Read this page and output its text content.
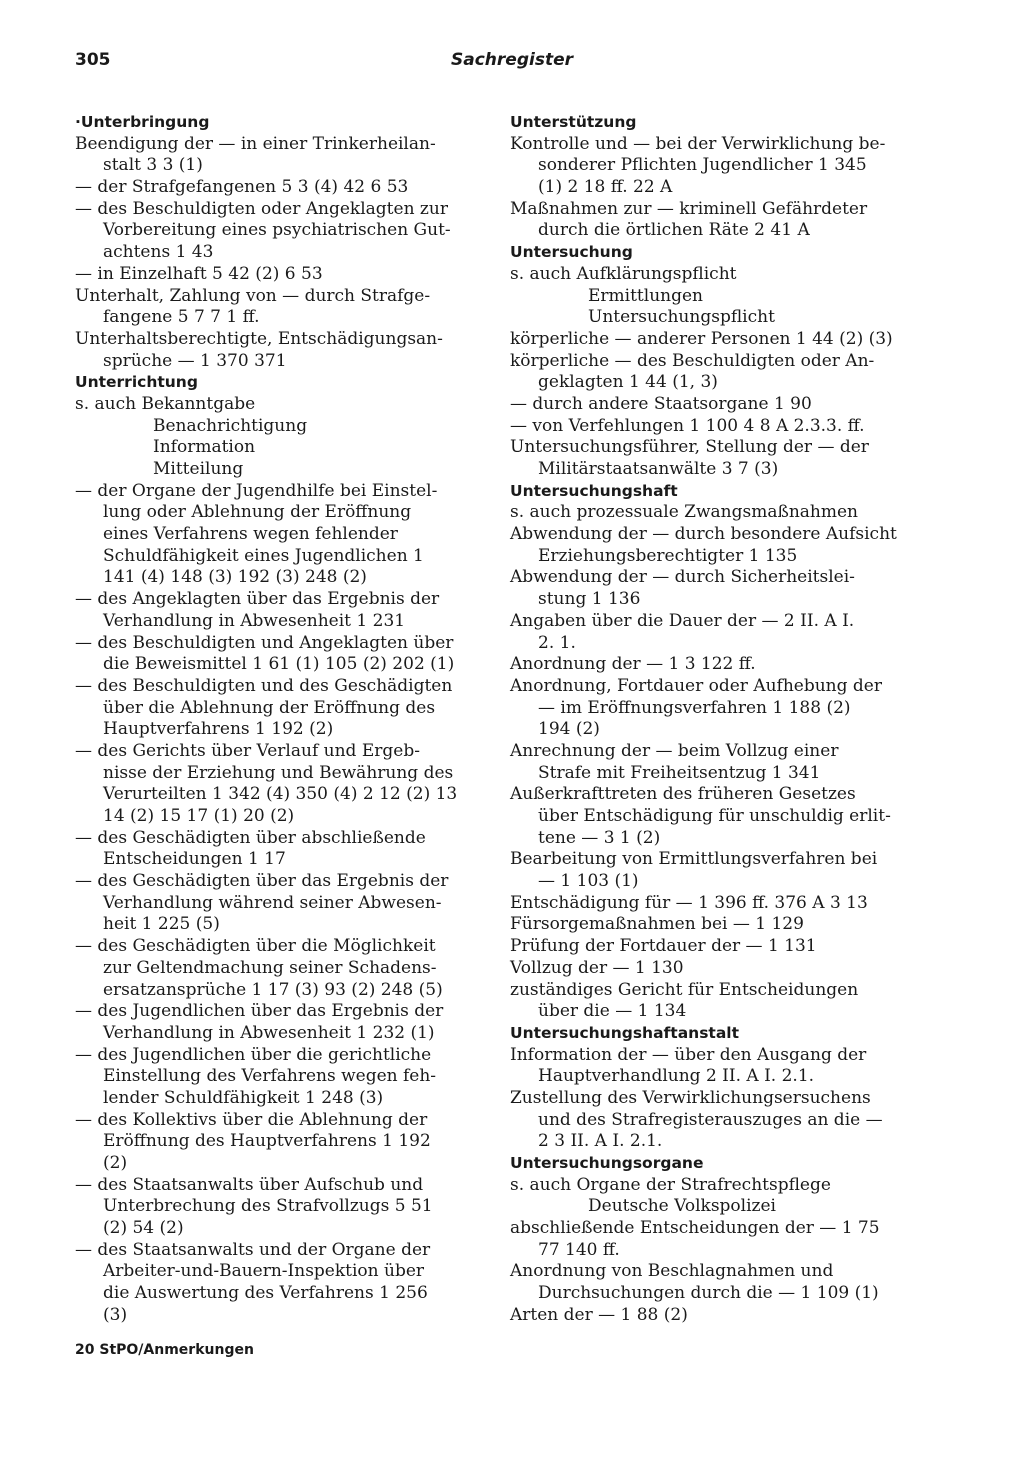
305	Sachregister
·Unterbringung
Beendigung der — in einer Trinkerheilan-
stalt 3 3 (1)
— der Strafgefangenen 5 3 (4) 42 6 53
— des Beschuldigten oder Angeklagten zur
Vorbereitung eines psychiatrischen Gut-
achtens 1 43
— in Einzelhaft 5 42 (2) 6 53
Unterhalt, Zahlung von — durch Strafge-
fangene 5 7 7 1 ff.
Unterhaltsberechtigte, Entschädigungsan-
sprüche — 1 370 371
Unterrichtung
s. auch Bekanntgabe
Benachrichtigung
Information
Mitteilung
— der Organe der Jugendhilfe bei Einstel-
lung oder Ablehnung der Eröffnung
eines Verfahrens wegen fehlender
Schuldfähigkeit eines Jugendlichen 1
141 (4) 148 (3) 192 (3) 248 (2)
— des Angeklagten über das Ergebnis der
Verhandlung in Abwesenheit 1 231
— des Beschuldigten und Angeklagten über
die Beweismittel 1 61 (1) 105 (2) 202 (1)
— des Beschuldigten und des Geschädigten
über die Ablehnung der Eröffnung des
Hauptverfahrens 1 192 (2)
— des Gerichts über Verlauf und Ergeb-
nisse der Erziehung und Bewährung des
Verurteilten 1 342 (4) 350 (4) 2 12 (2) 13
14 (2) 15 17 (1) 20 (2)
— des Geschädigten über abschließende
Entscheidungen 1 17
— des Geschädigten über das Ergebnis der
Verhandlung während seiner Abwesen-
heit 1 225 (5)
— des Geschädigten über die Möglichkeit
zur Geltendmachung seiner Schadens-
ersatzansprüche 1 17 (3) 93 (2) 248 (5)
— des Jugendlichen über das Ergebnis der
Verhandlung in Abwesenheit 1 232 (1)
— des Jugendlichen über die gerichtliche
Einstellung des Verfahrens wegen feh-
lender Schuldfähigkeit 1 248 (3)
— des Kollektivs über die Ablehnung der
Eröffnung des Hauptverfahrens 1 192
(2)
— des Staatsanwalts über Aufschub und
Unterbrechung des Strafvollzugs 5 51
(2) 54 (2)
— des Staatsanwalts und der Organe der
Arbeiter-und-Bauern-Inspektion über
die Auswertung des Verfahrens 1 256
(3)
Unterstützung
Kontrolle und — bei der Verwirklichung be-
sonderer Pflichten Jugendlicher 1 345
(1) 2 18 ff. 22 A
Maßnahmen zur — kriminell Gefährdeter
durch die örtlichen Räte 2 41 A
Untersuchung
s. auch Aufklärungspflicht
Ermittlungen
Untersuchungspflicht
körperliche — anderer Personen 1 44 (2) (3)
körperliche — des Beschuldigten oder An-
geklagten 1 44 (1, 3)
— durch andere Staatsorgane 1 90
— von Verfehlungen 1 100 4 8 A 2.3.3. ff.
Untersuchungsführer, Stellung der — der
Militärstaatsanwälte 3 7 (3)
Untersuchungshaft
s. auch prozessuale Zwangsmaßnahmen
Abwendung der — durch besondere Aufsicht
Erziehungsberechtigter 1 135
Abwendung der — durch Sicherheitslei-
stung 1 136
Angaben über die Dauer der — 2 II. A I.
2. 1.
Anordnung der — 1 3 122 ff.
Anordnung, Fortdauer oder Aufhebung der
— im Eröffnungsverfahren 1 188 (2)
194 (2)
Anrechnung der — beim Vollzug einer
Strafe mit Freiheitsentzug 1 341
Außerkrafttreten des früheren Gesetzes
über Entschädigung für unschuldig erlit-
tene — 3 1 (2)
Bearbeitung von Ermittlungsverfahren bei
— 1 103 (1)
Entschädigung für — 1 396 ff. 376 A 3 13
Fürsorgemaßnahmen bei — 1 129
Prüfung der Fortdauer der — 1 131
Vollzug der — 1 130
zuständiges Gericht für Entscheidungen
über die — 1 134
Untersuchungshaftanstalt
Information der — über den Ausgang der
Hauptverhandlung 2 II. A I. 2.1.
Zustellung des Verwirklichungsersuchens
und des Strafregisterauszuges an die —
2 3 II. A I. 2.1.
Untersuchungsorgane
s. auch Organe der Strafrechtspflege
Deutsche Volkspolizei
abschließende Entscheidungen der — 1 75
77 140 ff.
Anordnung von Beschlagnahmen und
Durchsuchungen durch die — 1 109 (1)
Arten der — 1 88 (2)
20 StPO/Anmerkungen
